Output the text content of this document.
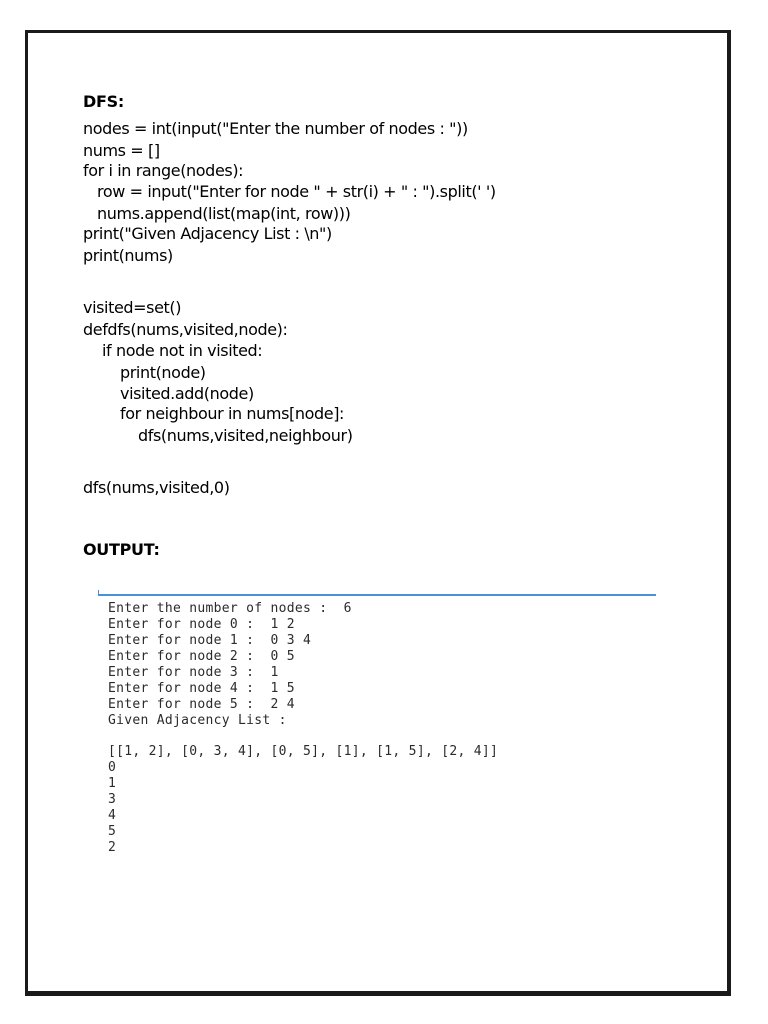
DFS:
nodes = int(input("Enter the number of nodes : "))
nums = []
for i in range(nodes):
row = input("Enter for node " + str(i) + " : ").split(' ')
nums.append(list(map(int, row)))
print("Given Adjacency List : \n")
print(nums)
visited=set()
defdfs(nums,visited,node):
if node not in visited:
print(node)
visited.add(node)
for neighbour in nums[node]:
dfs(nums,visited,neighbour)
dfs(nums,visited,0)
OUTPUT:
Enter the number of nodes :  6
Enter for node 0 :  1 2
Enter for node 1 :  0 3 4
Enter for node 2 :  0 5
Enter for node 3 :  1
Enter for node 4 :  1 5
Enter for node 5 :  2 4
Given Adjacency List :
[[1, 2], [0, 3, 4], [0, 5], [1], [1, 5], [2, 4]]
0
1
3
4
5
2
